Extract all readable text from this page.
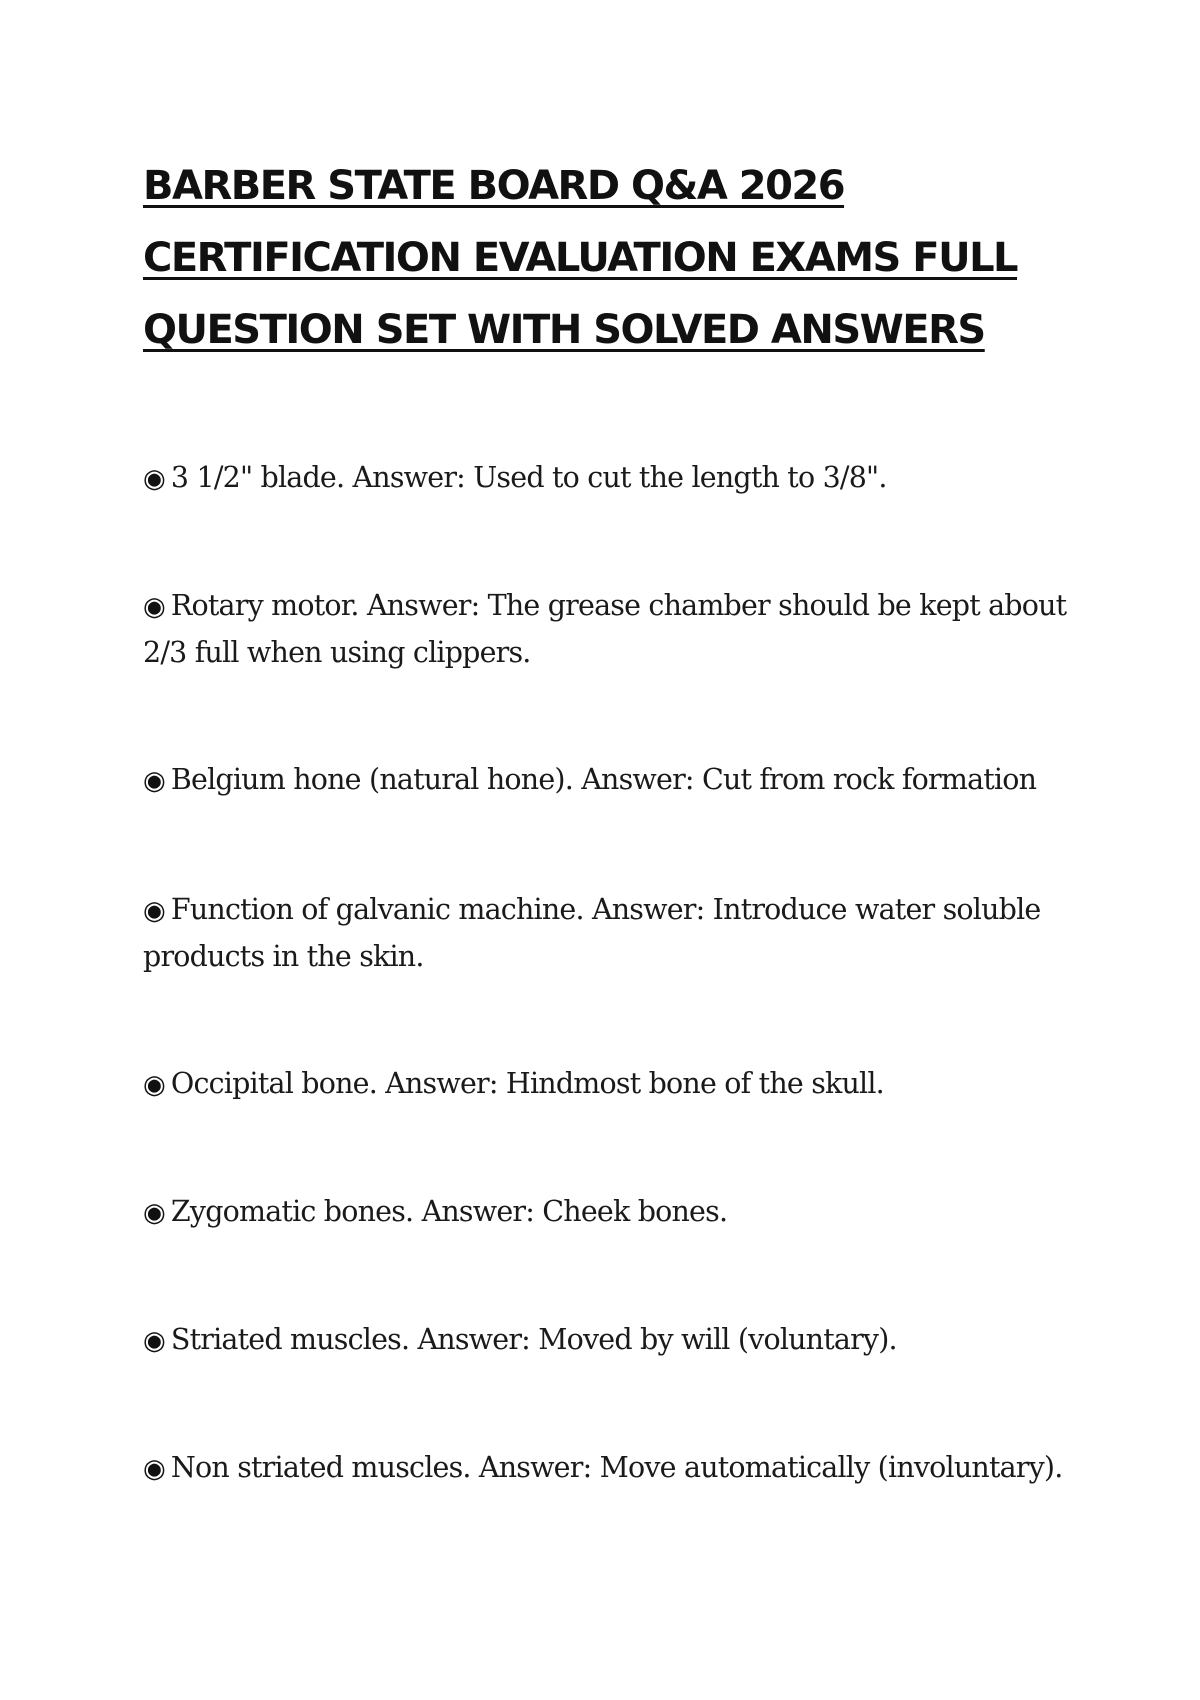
BARBER STATE BOARD Q&A 2026
CERTIFICATION EVALUATION EXAMS FULL
QUESTION SET WITH SOLVED ANSWERS
◉ 3 1/2" blade. Answer: Used to cut the length to 3/8".
◉ Rotary motor. Answer: The grease chamber should be kept about 2/3 full when using clippers.
◉ Belgium hone (natural hone). Answer: Cut from rock formation
◉ Function of galvanic machine. Answer: Introduce water soluble products in the skin.
◉ Occipital bone. Answer: Hindmost bone of the skull.
◉ Zygomatic bones. Answer: Cheek bones.
◉ Striated muscles. Answer: Moved by will (voluntary).
◉ Non striated muscles. Answer: Move automatically (involuntary).
